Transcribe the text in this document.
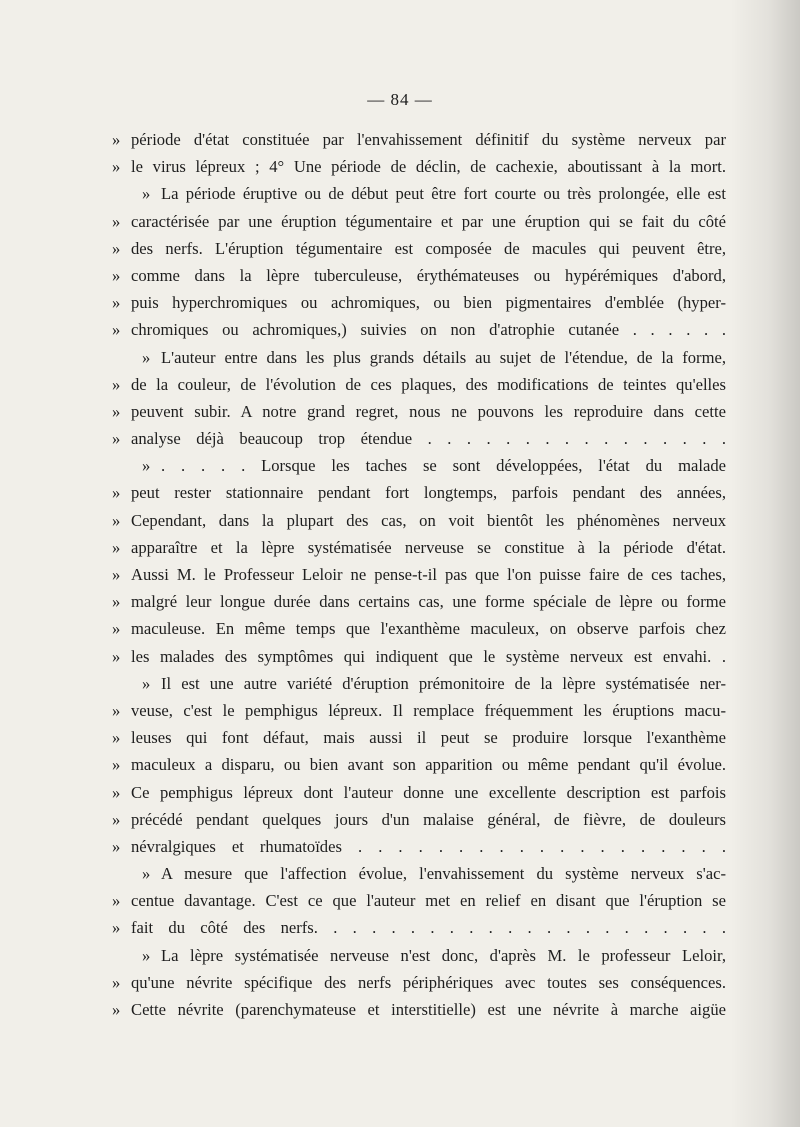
— 84 —
» période d'état constituée par l'envahissement définitif du système nerveux par
» le virus lépreux ; 4° Une période de déclin, de cachexie, aboutissant à la mort.
» La période éruptive ou de début peut être fort courte ou très prolongée, elle est
» caractérisée par une éruption tégumentaire et par une éruption qui se fait du côté
» des nerfs. L'éruption tégumentaire est composée de macules qui peuvent être,
» comme dans la lèpre tuberculeuse, érythémateuses ou hypérémiques d'abord,
» puis hyperchromiques ou achromiques, ou bien pigmentaires d'emblée (hyper-
» chromiques ou achromiques,) suivies on non d'atrophie cutanée . . . . . .
» L'auteur entre dans les plus grands détails au sujet de l'étendue, de la forme,
» de la couleur, de l'évolution de ces plaques, des modifications de teintes qu'elles
» peuvent subir. A notre grand regret, nous ne pouvons les reproduire dans cette
» analyse déjà beaucoup trop étendue . . . . . . . . . . . . . . . .
» . . . . . Lorsque les taches se sont développées, l'état du malade
» peut rester stationnaire pendant fort longtemps, parfois pendant des années,
» Cependant, dans la plupart des cas, on voit bientôt les phénomènes nerveux
» apparaître et la lèpre systématisée nerveuse se constitue à la période d'état.
» Aussi M. le Professeur Leloir ne pense-t-il pas que l'on puisse faire de ces taches,
» malgré leur longue durée dans certains cas, une forme spéciale de lèpre ou forme
» maculeuse. En même temps que l'exanthème maculeux, on observe parfois chez
» les malades des symptômes qui indiquent que le système nerveux est envahi. .
» Il est une autre variété d'éruption prémonitoire de la lèpre systématisée ner-
» veuse, c'est le pemphigus lépreux. Il remplace fréquemment les éruptions macu-
» leuses qui font défaut, mais aussi il peut se produire lorsque l'exanthème
» maculeux a disparu, ou bien avant son apparition ou même pendant qu'il évolue.
» Ce pemphigus lépreux dont l'auteur donne une excellente description est parfois
» précédé pendant quelques jours d'un malaise général, de fièvre, de douleurs
» névralgiques et rhumatoïdes . . . . . . . . . . . . . . . . . . .
» A mesure que l'affection évolue, l'envahissement du système nerveux s'ac-
» centue davantage. C'est ce que l'auteur met en relief en disant que l'éruption se
» fait du côté des nerfs. . . . . . . . . . . . . . . . . . . . . .
» La lèpre systématisée nerveuse n'est donc, d'après M. le professeur Leloir,
» qu'une névrite spécifique des nerfs périphériques avec toutes ses conséquences.
» Cette névrite (parenchymateuse et interstitielle) est une névrite à marche aigüe
